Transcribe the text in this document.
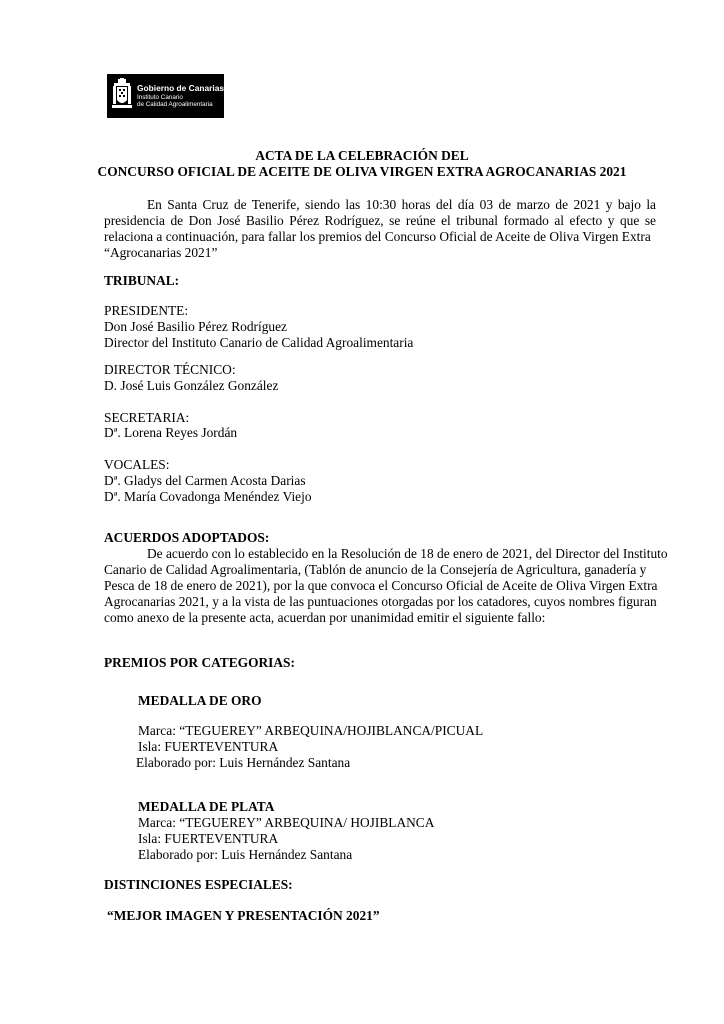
Gobierno de Canarias
Instituto Canario
de Calidad Agroalimentaria
ACTA DE LA CELEBRACIÓN DEL
CONCURSO OFICIAL DE ACEITE DE OLIVA VIRGEN EXTRA AGROCANARIAS 2021
En Santa Cruz de Tenerife, siendo las 10:30 horas del día 03 de marzo de 2021 y bajo la
presidencia de Don José Basilio Pérez Rodríguez, se reúne el tribunal formado al efecto y que se
relaciona a continuación, para fallar los premios del Concurso Oficial de Aceite de Oliva Virgen Extra
“Agrocanarias 2021”
TRIBUNAL:
PRESIDENTE:
Don José Basilio Pérez Rodríguez
Director del Instituto Canario de Calidad Agroalimentaria
DIRECTOR TÉCNICO:
D. José Luis González González
SECRETARIA:
Dª. Lorena Reyes Jordán
VOCALES:
Dª. Gladys del Carmen Acosta Darias
Dª. María Covadonga Menéndez Viejo
ACUERDOS ADOPTADOS:
De acuerdo con lo establecido en la Resolución de 18 de enero de 2021, del Director del Instituto
Canario de Calidad Agroalimentaria, (Tablón de anuncio de la Consejería de Agricultura, ganadería y
Pesca de 18 de enero de 2021), por la que convoca el Concurso Oficial de Aceite de Oliva Virgen Extra
Agrocanarias 2021, y a la vista de las puntuaciones otorgadas por los catadores, cuyos nombres figuran
como anexo de la presente acta, acuerdan por unanimidad emitir el siguiente fallo:
PREMIOS POR CATEGORIAS:
MEDALLA DE ORO
Marca: “TEGUEREY” ARBEQUINA/HOJIBLANCA/PICUAL
Isla: FUERTEVENTURA
Elaborado por: Luis Hernández Santana
MEDALLA DE PLATA
Marca: “TEGUEREY” ARBEQUINA/ HOJIBLANCA
Isla: FUERTEVENTURA
Elaborado por: Luis Hernández Santana
DISTINCIONES ESPECIALES:
“MEJOR IMAGEN Y PRESENTACIÓN 2021”
